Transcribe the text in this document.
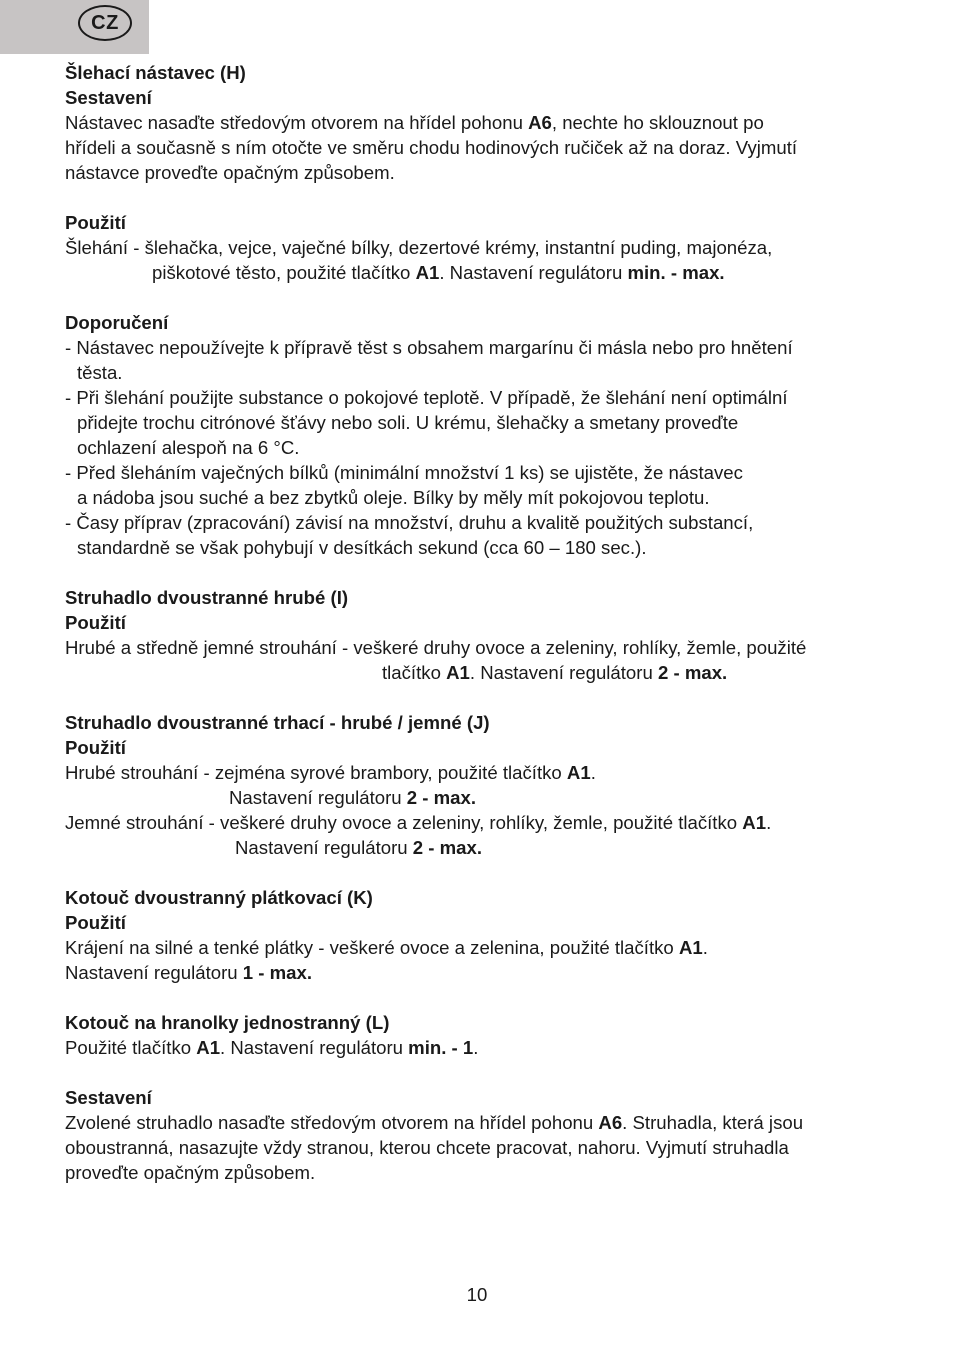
CZ

Šlehací nástavec (H)

Sestavení

Nástavec nasaďte středovým otvorem na hřídel pohonu A6, nechte ho sklouznout po

hřídeli a současně s ním otočte ve směru chodu hodinových ručiček až na doraz. Vyjmutí

nástavce proveďte opačným způsobem.

Použití

Šlehání - šlehačka, vejce, vaječné bílky, dezertové krémy, instantní puding, majonéza,

piškotové těsto, použité tlačítko A1. Nastavení regulátoru min. - max.

Doporučení

- Nástavec nepoužívejte k přípravě těst s obsahem margarínu či másla nebo pro hnětení

těsta.

- Při šlehání použijte substance o pokojové teplotě. V případě, že šlehání není optimální

přidejte trochu citrónové šťávy nebo soli. U krému, šlehačky a smetany proveďte

ochlazení alespoň na 6 °C.

- Před šleháním vaječných bílků (minimální množství 1 ks) se ujistěte, že nástavec

a nádoba jsou suché a bez zbytků oleje. Bílky by měly mít pokojovou teplotu.

- Časy příprav (zpracování) závisí na množství, druhu a kvalitě použitých substancí,

standardně se však pohybují v desítkách sekund (cca 60 – 180 sec.).

Struhadlo dvoustranné hrubé (I)

Použití

Hrubé a středně jemné strouhání - veškeré druhy ovoce a zeleniny, rohlíky, žemle, použité

tlačítko A1. Nastavení regulátoru 2 - max.

Struhadlo dvoustranné trhací - hrubé / jemné (J)

Použití

Hrubé strouhání - zejména syrové brambory, použité tlačítko A1.

Nastavení regulátoru 2 - max.

Jemné strouhání - veškeré druhy ovoce a zeleniny, rohlíky, žemle, použité tlačítko A1.

Nastavení regulátoru 2 - max.

Kotouč dvoustranný plátkovací (K)

Použití

Krájení na silné a tenké plátky - veškeré ovoce a zelenina, použité tlačítko A1.

Nastavení regulátoru 1 - max.

Kotouč na hranolky jednostranný (L)

Použité tlačítko A1. Nastavení regulátoru min. - 1.

Sestavení

Zvolené struhadlo nasaďte středovým otvorem na hřídel pohonu A6. Struhadla, která jsou

oboustranná, nasazujte vždy stranou, kterou chcete pracovat, nahoru. Vyjmutí struhadla

proveďte opačným způsobem.

10
